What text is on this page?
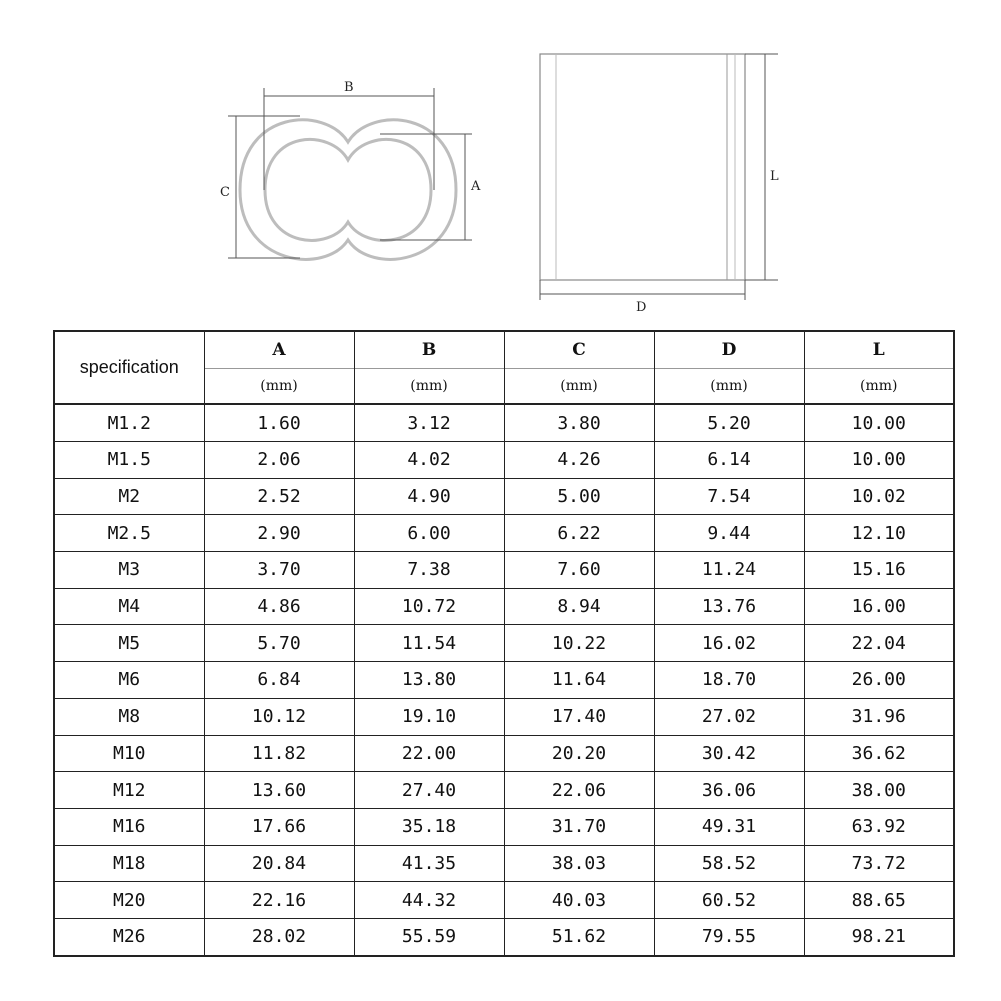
B
C	A
L
D
specification	A	B	C	D	L
	(mm)	(mm)	(mm)	(mm)	(mm)
M1.2	1.60	3.12	3.80	5.20	10.00
M1.5	2.06	4.02	4.26	6.14	10.00
M2	2.52	4.90	5.00	7.54	10.02
M2.5	2.90	6.00	6.22	9.44	12.10
M3	3.70	7.38	7.60	11.24	15.16
M4	4.86	10.72	8.94	13.76	16.00
M5	5.70	11.54	10.22	16.02	22.04
M6	6.84	13.80	11.64	18.70	26.00
M8	10.12	19.10	17.40	27.02	31.96
M10	11.82	22.00	20.20	30.42	36.62
M12	13.60	27.40	22.06	36.06	38.00
M16	17.66	35.18	31.70	49.31	63.92
M18	20.84	41.35	38.03	58.52	73.72
M20	22.16	44.32	40.03	60.52	88.65
M26	28.02	55.59	51.62	79.55	98.21
